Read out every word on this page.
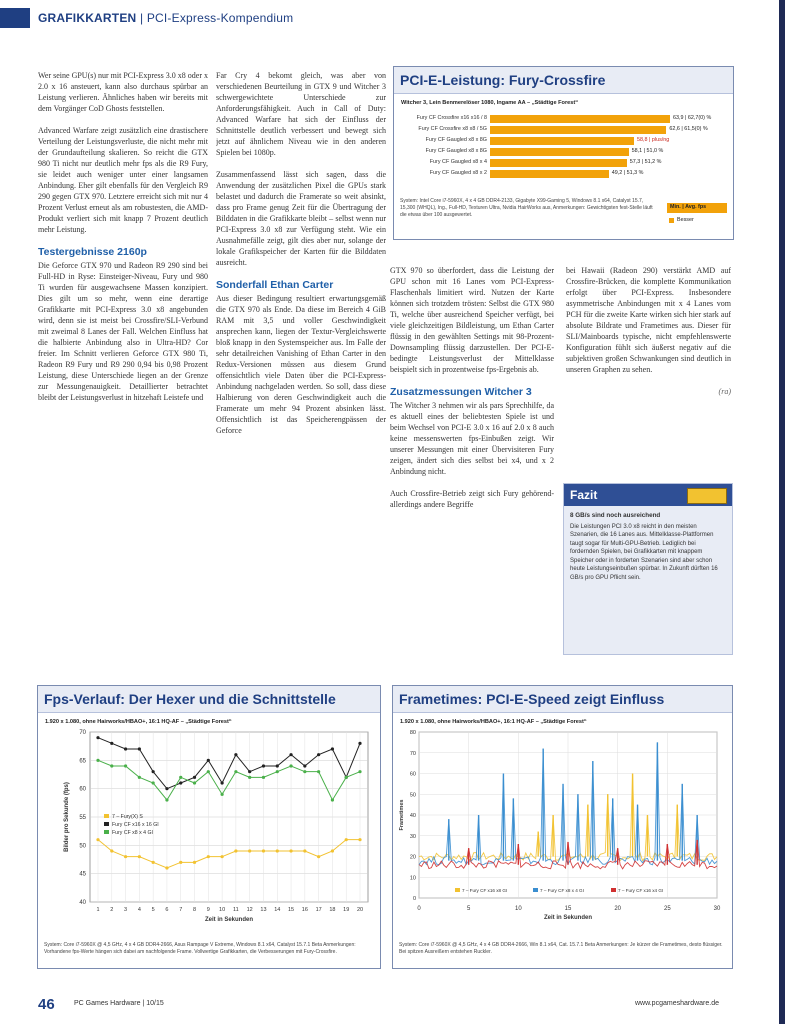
GRAFIKKARTEN | PCI-Express-Kompendium

Wer seine GPU(s) nur mit PCI-Express 3.0 x8 oder x 2.0 x 16 ansteuert, kann also durchaus spürbar an Leistung verlieren. Ähnliches haben wir bereits mit dem Vorgänger CoD Ghosts feststellen.

Advanced Warfare zeigt zusätzlich eine drastischere Verteilung der Leistungsverluste, die nicht mehr mit der Grundaufteilung skalieren. So reicht die GTX 980 Ti nicht nur deutlich mehr fps als die R9 Fury, sie leidet auch weniger unter einer langsamen Anbindung. Eher gilt ebenfalls für den Vergleich R9 290 gegen GTX 970. Letztere erreicht sich mit nur 4 Prozent Verlust erneut als am robustesten, die AMD-Produkt verliert sich mit knapp 7 Prozent deutlich mehr Leistung.

Testergebnisse 2160p

Die Geforce GTX 970 und Radeon R9 290 sind bei Full-HD in Ryse: Einsteiger-Niveau, Fury und 980 Ti wurden für ausgewachsene Massen konzipiert. Dies gilt um so mehr, wenn eine derartige Grafikkarte mit PCI-Express 3.0 x8 angebunden wird, denn sie ist meist bei Crossfire/SLI-Verbund mit zweimal 8 Lanes der Fall. Welchen Einfluss hat die halbierte Anbindung also in Ultra-HD? Cor freier. Im Schnitt verlieren Geforce GTX 980 Ti, Radeon R9 Fury und R9 290 0,94 bis 0,98 Prozent Leistung, diese Unterschiede liegen an der Grenze zur Messungenauigkeit. Detaillierter betrachtet bleibt der Leistungsverlust in hitzehaft Leistefe und

Far Cry 4 bekomt gleich, was aber von verschiedenen Beurteilung in GTX 9 und Witcher 3 schwergewichtete Unterschiede zur Anforderungsfähigkeit. Auch in Call of Duty: Advanced Warfare hat sich der Einfluss der Schnittstelle deutlich verbessert und bewegt sich jetzt auf ähnlichem Niveau wie in den anderen Spielen bei 1080p.

Zusammenfassend lässt sich sagen, dass die Anwendung der zusätzlichen Pixel die GPUs stark belastet und dadurch die Framerate so weit absinkt, dass pro Frame genug Zeit für die Übertragung der Bilddaten in die Grafikkarte bleibt – selbst wenn nur PCI-Express 3.0 x8 zur Verfügung steht. Wie ein Ausnahmefälle zeigt, gilt dies aber nur, solange der lokale Grafikspeicher der Karten für die Bilddaten ausreicht.

Sonderfall Ethan Carter

Aus dieser Bedingung resultiert erwartungsgemäß die GTX 970 als Ende. Da diese im Bereich 4 GiB RAM mit 3,5 und voller Geschwindigkeit ansprechen kann, liegen der Textur-Vergleichswerte bloß knapp in den Systemspeicher aus. Im Falle der sehr detailreichen Vanishing of Ethan Carter in den Redux-Versionen müssen aus diesem Grund offensichtlich viele Daten über die PCI-Express-Anbindung nachgeladen werden. So soll, dass diese Halbierung von deren Geschwindigkeit auch die Framerate um mehr 94 Prozent absinken lässt. Offensichtlich ist das Speicherengpässen der Geforce

GTX 970 so überfordert, dass die Leistung der GPU schon mit 16 Lanes vom PCI-Express-Flaschenhals limitiert wird. Nutzen der Karte können sich trotzdem trösten: Selbst die GTX 980 Ti, welche über ausreichend Speicher verfügt, bei viele gleichzeitigen Bildleistung, um Ethan Carter flüssig in den gewählten Settings mit 98-Prozent-Downsampling flüssig darzustellen. Der PCI-E-bedingte Leistungsverlust der Mittelklasse beispielt sich in prozentweise fps-Ergebnis ab.

Zusatzmessungen Witcher 3

The Witcher 3 nehmen wir als pars Sprechhilfe, da es aktuell eines der beliebtesten Spiele ist und beim Wechsel von PCI-E 3.0 x 16 auf 2.0 x 8 auch keine messenswerten fps-Einbußen zeigt. Wir unserer Messungen mit einer Übervisiteren Fury zeigen, ändert sich dies selbst bei x4, und x 2 Anbindung nicht.

Auch Crossfire-Betrieb zeigt sich Fury gehörend-allerdings andere Begriffe

bei Hawaii (Radeon 290) verstärkt AMD auf Crossfire-Brücken, die komplette Kommunikation erfolgt über PCI-Express. Insbesondere asymmetrische Anbindungen mit x 4 Lanes vom PCH für die zweite Karte wirken sich hier stark auf absolute Bildrate und Frametimes aus. Dieser für SLI/Mainboards typische, nicht empfehlenswerte Konfiguration fühlt sich äußerst negativ auf die subjektiven großen Schwankungen sind deutlich in unseren Graphen zu sehen.

(ra)

PCI-E-Leistung: Fury-Crossfire
Witcher 3, Lein Benmerelöser 1080, Ingame AA – „Städtige Forest“
Fury CF Crossfire x16 x16 / 8	63,9 | 62,7(0) %
Fury CF Crossfire x8 x8 / 5G	62,6 | 61,5(0) %
Fury CF Gaugled x8 x 8G	58,8 | plus/ng
Fury CF Gaugled x8 x 8G	58,1 | 51,0 %
Fury CF Gaugled x8 x 4	57,3 | 51,2 %
Fury CF Gaugled x8 x 2	49,2 | 51,3 %
System: Intel Core i7-5960X, 4 x 4 GB DDR4-2133, Gigabyte X99-Gaming 5, Windows 8.1 x64, Catalyst 15.7, 15,300 (WHQL), Ing., Full-HD, Texturen Ultra, Nvidia HairWorks aus, Anmerkungen: Gewichtigsten fest-Stelle läuft die etwas über 100 ausgewertet.
Min. | Avg. fps
Besser
Fazit
8 GB/s sind noch ausreichend
Die Leistungen PCI 3.0 x8 reicht in den meisten Szenarien, die 16 Lanes aus. Mittelklasse-Plattformen taugt sogar für Multi-GPU-Betrieb. Lediglich bei fordernden Spielen, bei Grafikkarten mit knappem Speicher oder in forderten Szenarien sind aber schon heute Leistungseinbußen spürbar. In Zukunft dürften 16 GB/s pro GPU Pflicht sein.
Fps-Verlauf: Der Hexer und die Schnittstelle
1.920 x 1.080, ohne Hairworks/HBAO+, 16:1 HQ-AF – „Städtige Forest“
40
45
50
55
60
65
70
1 2 3 4 5 6 7 8 9 10 11 12 13 14 15 16 17 18 19 20
Zeit in Sekunden
Bilder pro Sekunde (fps)	7 – Fury(X) S
Fury CF x16 x 16 GI
Fury CF x8 x 4 GI
System: Core i7-5960X @ 4,5 GHz, 4 x 4 GB DDR4-2666, Asus Rampage V Extreme, Windows 8.1 x64, Catalyst 15.7.1 Beta Anmerkungen: Vorhandene fps-Werte hängen sich dabei am nachfolgende Frame. Vollwertige Grafikkarten, die Verbesserungen mit Fury-Crossfire.
Frametimes: PCI-E-Speed zeigt Einfluss
1.920 x 1.080, ohne Hairworks/HBAO+, 16:1 HQ-AF – „Städtige Forest“
0
10
20
30
40
50
60
70
80
0	5	10	15	20	25	30
Zeit in Sekunden
Frametimes
7 – Fury CF x16 x8 GI	7 – Fury CF x8 x 4 GI	7 – Fury CF x16 x4 GI
System: Core i7-5960X @ 4,5 GHz, 4 x 4 GB DDR4-2666, Win 8.1 x64, Cat. 15.7.1 Beta Anmerkungen: Je kürzer die Frametimes, desto flüssiger. Bei spitzen Ausreißern entstehen Ruckler.
46	PC Games Hardware | 10/15	www.pcgameshardware.de
